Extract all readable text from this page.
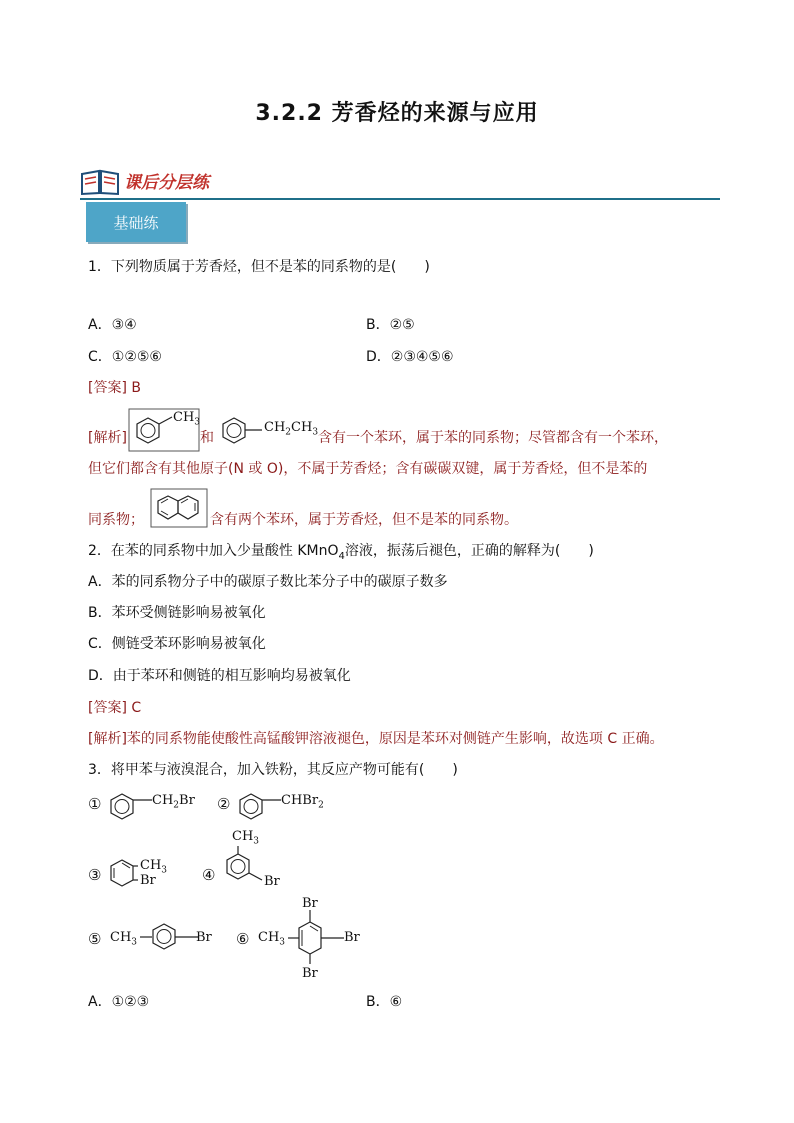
3.2.2 芳香烃的来源与应用
课后分层练
基础练
1．下列物质属于芳香烃，但不是苯的同系物的是(　　)
A．③④	B．②⑤
C．①②⑤⑥	D．②③④⑤⑥
[答案] B
[解析]
$CH_3$
和
$CH_2CH_3$ 含有一个苯环，属于苯的同系物；尽管都含有一个苯环，
但它们都含有其他原子(N 或 O)，不属于芳香烃；含有碳碳双键，属于芳香烃，但不是苯的
同系物；	含有两个苯环，属于芳香烃，但不是苯的同系物。
2．在苯的同系物中加入少量酸性 KMnO$_4$溶液，振荡后褪色，正确的解释为(　　)
A．苯的同系物分子中的碳原子数比苯分子中的碳原子数多
B．苯环受侧链影响易被氧化
C．侧链受苯环影响易被氧化
D．由于苯环和侧链的相互影响均易被氧化
[答案] C
[解析]苯的同系物能使酸性高锰酸钾溶液褪色，原因是苯环对侧链产生影响，故选项 C 正确。
3．将甲苯与液溴混合，加入铁粉，其反应产物可能有(　　)
①	$CH_2Br$ ②	CHBr$_2$
③
$CH_3$
Br	④
$CH_3$
Br
⑤ $CH_3$	Br ⑥ $CH_3$
Br
Br
Br
A．①②③	B．⑥
